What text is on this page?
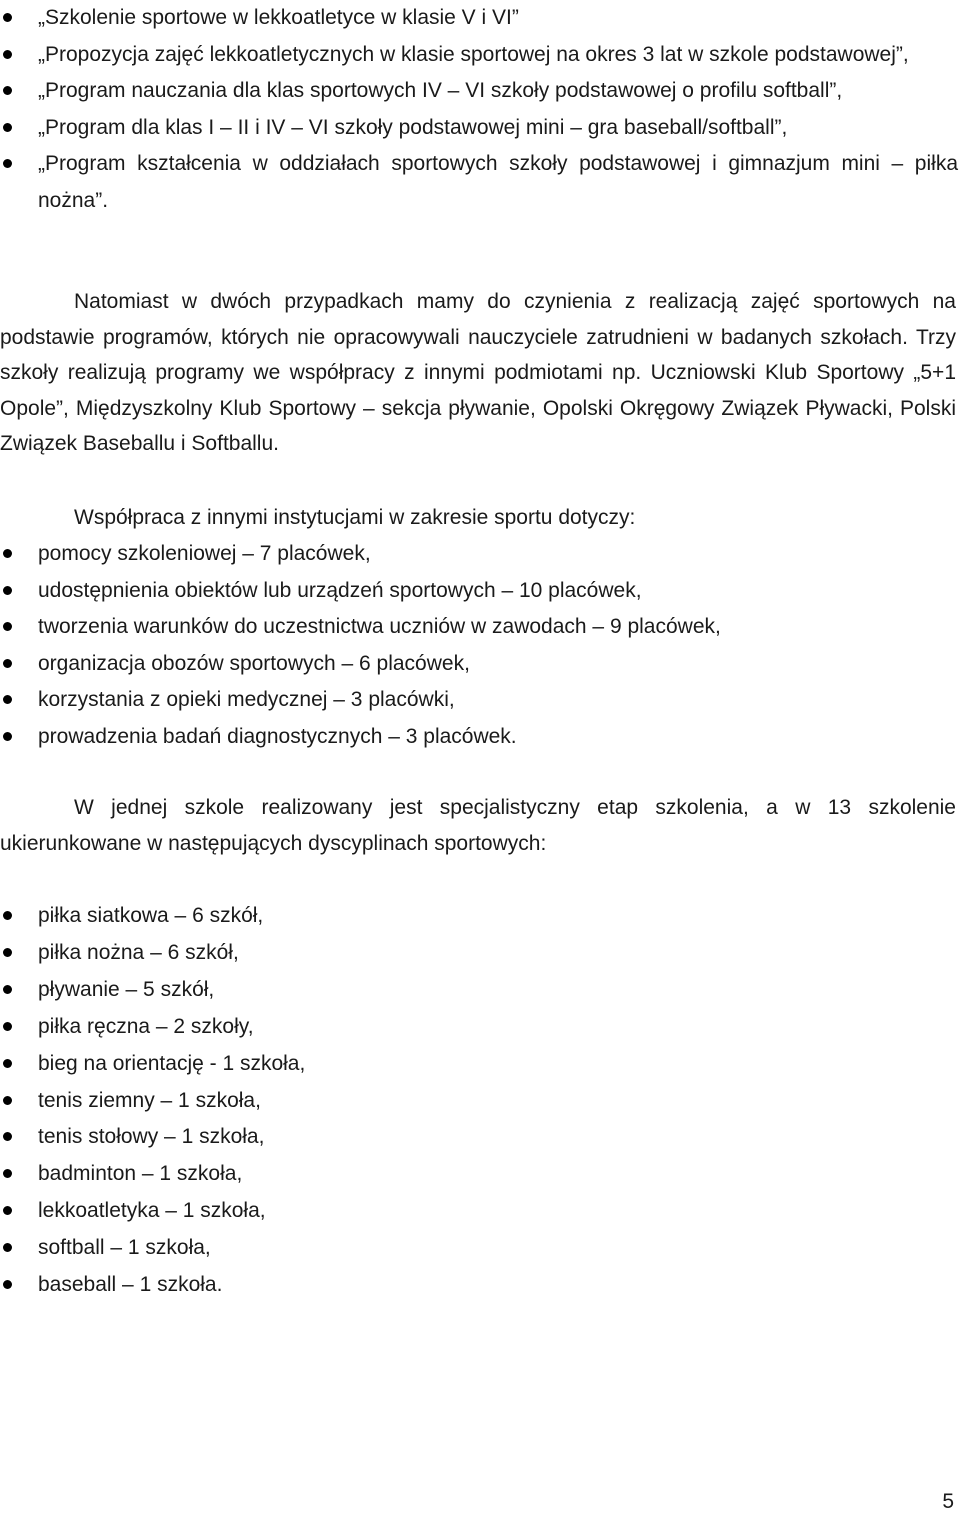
„Szkolenie sportowe w lekkoatletyce w klasie V i VI”
„Propozycja zajęć lekkoatletycznych w klasie sportowej na okres 3 lat w szkole podstawowej”,
„Program nauczania dla klas sportowych IV – VI szkoły podstawowej o profilu softball”,
„Program dla klas I – II i IV – VI szkoły podstawowej mini – gra baseball/softball”,
„Program kształcenia w oddziałach sportowych szkoły podstawowej i gimnazjum mini – piłka nożna”.

Natomiast w dwóch przypadkach mamy do czynienia z realizacją zajęć sportowych na podstawie programów, których nie opracowywali nauczyciele zatrudnieni w badanych szkołach. Trzy szkoły realizują programy we współpracy z innymi podmiotami np. Uczniowski Klub Sportowy „5+1 Opole”, Międzyszkolny Klub Sportowy – sekcja pływanie, Opolski Okręgowy Związek Pływacki, Polski Związek Baseballu i Softballu.

Współpraca z innymi instytucjami w zakresie sportu dotyczy:

pomocy szkoleniowej – 7 placówek,
udostępnienia obiektów lub urządzeń sportowych – 10 placówek,
tworzenia warunków do uczestnictwa uczniów w zawodach – 9 placówek,
organizacja obozów sportowych – 6 placówek,
korzystania z opieki medycznej – 3 placówki,
prowadzenia badań diagnostycznych – 3 placówek.

W jednej szkole realizowany jest specjalistyczny etap szkolenia, a w 13 szkolenie ukierunkowane w następujących dyscyplinach sportowych:

piłka siatkowa – 6 szkół,
piłka nożna – 6 szkół,
pływanie – 5 szkół,
piłka ręczna – 2 szkoły,
bieg na orientację - 1 szkoła,
tenis ziemny – 1 szkoła,
tenis stołowy – 1 szkoła,
badminton – 1 szkoła,
lekkoatletyka – 1 szkoła,
softball – 1 szkoła,
baseball – 1 szkoła.
5
